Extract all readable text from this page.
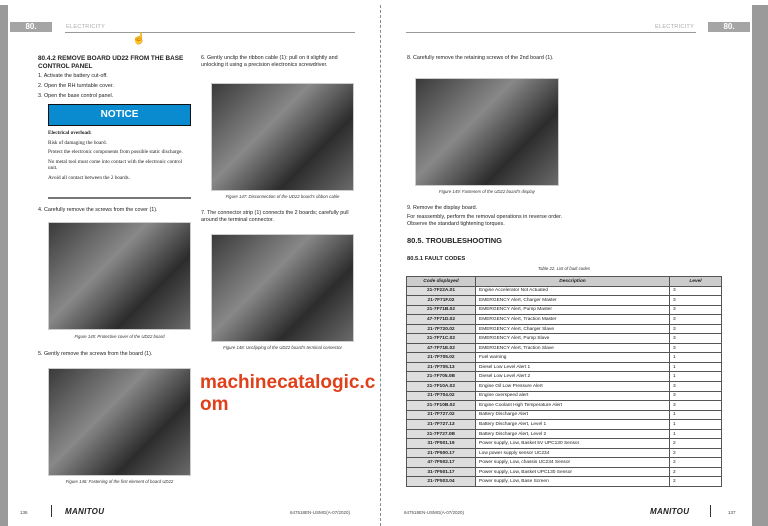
80.	ELECTRICITY
☝
80.4.2 REMOVE BOARD UD22 FROM THE BASE CONTROL PANEL
1. Activate the battery cut-off.
2. Open the RH turntable cover.
3. Open the base control panel.
NOTICE
Electrical overload:
Risk of damaging the board.
Protect the electronic components from possible static discharge.
No metal tool must come into contact with the electronic control unit.
Avoid all contact between the 2 boards.
4. Carefully remove the screws from the cover (1).
Figure 145: Protective cover of the UD22 board
5. Gently remove the screws from the board (1).
Figure 146: Fastening of the first element of board UD22
6. Gently unclip the ribbon cable (1): pull on it slightly and unlocking it using a precision electronics screwdriver.
Figure 147: Disconnection of the UD22 board's ribbon cable
7. The connector strip (1) connects the 2 boards; carefully pull around the terminal connector.
Figure 148: Unclipping of the UD22 board's terminal connector
136	MANITOU	647518EN-USMG(A-07/2020)
ELECTRICITY	80.
8. Carefully remove the retaining screws of the 2nd board (1).
Figure 149: Fasteners of the UD22 board's display
9. Remove the display board.
For reassembly, perform the removal operations in reverse order. Observe the standard tightening torques.
80.5. TROUBLESHOOTING
80.5.1 FAULT CODES
Table 22. List of fault codes
Code displayed	Description	Level
21-7F22A.01	Engine Accelerator Not Actuated	3
21-7F71F.02	EMERGENCY Alert, Charger Master	3
21-7F71B.02	EMERGENCY Alert, Pump Master	3
47-7F71D.02	EMERGENCY Alert, Traction Master	3
21-7F720.02	EMERGENCY Alert, Charger Slave	3
21-7F71C.02	EMERGENCY Alert, Pump Slave	3
47-7F71E.02	EMERGENCY Alert, Traction Slave	3
21-7F705.02	Fuel warning	1
21-7F705.13	Diesel Low Level Alert 1	1
21-7F705.0B	Diesel Low Level Alert 2	1
21-7F10A.02	Engine Oil Low Pressure Alert	3
21-7F704.02	Engine overspeed alert	3
21-7F10B.02	Engine Coolant High Temperature Alert	3
21-7F727.02	Battery Discharge Alert	1
21-7F727.13	Battery Discharge Alert, Level 1	1
21-7F727.0B	Battery Discharge Alert, Level 2	1
31-7F501.19	Power supply, Low, Basket 5V UPC130 Sensor	2
21-7F500.17	Low power supply sensor UC234	2
47-7F502.17	Power supply, Low, chassis UC234 Sensor	2
31-7F501.17	Power supply, Low, Basket UPC130 Sensor	2
21-7F503.04	Power supply, Low, Base Screen	2
647518EN-USMG(A-07/2020)	MANITOU	137
machinecatalogic.com
